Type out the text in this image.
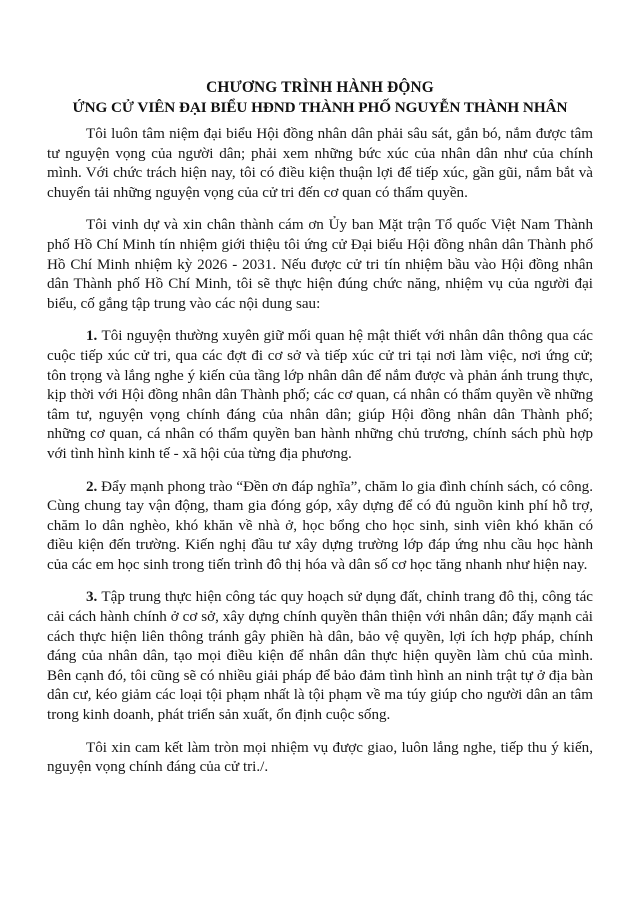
CHƯƠNG TRÌNH HÀNH ĐỘNG
ỨNG CỬ VIÊN ĐẠI BIỂU HĐND THÀNH PHỐ NGUYỄN THÀNH NHÂN

Tôi luôn tâm niệm đại biểu Hội đồng nhân dân phải sâu sát, gắn bó, nắm được tâm tư nguyện vọng của người dân; phải xem những bức xúc của nhân dân như của chính mình. Với chức trách hiện nay, tôi có điều kiện thuận lợi để tiếp xúc, gần gũi, nắm bắt và chuyển tải những nguyện vọng của cử tri đến cơ quan có thẩm quyền.

Tôi vinh dự và xin chân thành cám ơn Ủy ban Mặt trận Tổ quốc Việt Nam Thành phố Hồ Chí Minh tín nhiệm giới thiệu tôi ứng cử Đại biểu Hội đồng nhân dân Thành phố Hồ Chí Minh nhiệm kỳ 2026 - 2031. Nếu được cử tri tín nhiệm bầu vào Hội đồng nhân dân Thành phố Hồ Chí Minh, tôi sẽ thực hiện đúng chức năng, nhiệm vụ của người đại biểu, cố gắng tập trung vào các nội dung sau:

1. Tôi nguyện thường xuyên giữ mối quan hệ mật thiết với nhân dân thông qua các cuộc tiếp xúc cử tri, qua các đợt đi cơ sở và tiếp xúc cử tri tại nơi làm việc, nơi ứng cử; tôn trọng và lắng nghe ý kiến của tầng lớp nhân dân để nắm được và phản ánh trung thực, kịp thời với Hội đồng nhân dân Thành phố; các cơ quan, cá nhân có thẩm quyền về những tâm tư, nguyện vọng chính đáng của nhân dân; giúp Hội đồng nhân dân Thành phố; những cơ quan, cá nhân có thẩm quyền ban hành những chủ trương, chính sách phù hợp với tình hình kinh tế - xã hội của từng địa phương.

2. Đẩy mạnh phong trào “Đền ơn đáp nghĩa”, chăm lo gia đình chính sách, có công. Cùng chung tay vận động, tham gia đóng góp, xây dựng để có đủ nguồn kinh phí hỗ trợ, chăm lo dân nghèo, khó khăn về nhà ở, học bổng cho học sinh, sinh viên khó khăn có điều kiện đến trường. Kiến nghị đầu tư xây dựng trường lớp đáp ứng nhu cầu học hành của các em học sinh trong tiến trình đô thị hóa và dân số cơ học tăng nhanh như hiện nay.

3. Tập trung thực hiện công tác quy hoạch sử dụng đất, chỉnh trang đô thị, công tác cải cách hành chính ở cơ sở, xây dựng chính quyền thân thiện với nhân dân; đẩy mạnh cải cách thực hiện liên thông tránh gây phiền hà dân, bảo vệ quyền, lợi ích hợp pháp, chính đáng của nhân dân, tạo mọi điều kiện để nhân dân thực hiện quyền làm chủ của mình. Bên cạnh đó, tôi cũng sẽ có nhiều giải pháp để bảo đảm tình hình an ninh trật tự ở địa bàn dân cư, kéo giảm các loại tội phạm nhất là tội phạm về ma túy giúp cho người dân an tâm trong kinh doanh, phát triển sản xuất, ổn định cuộc sống.

Tôi xin cam kết làm tròn mọi nhiệm vụ được giao, luôn lắng nghe, tiếp thu ý kiến, nguyện vọng chính đáng của cử tri./.
